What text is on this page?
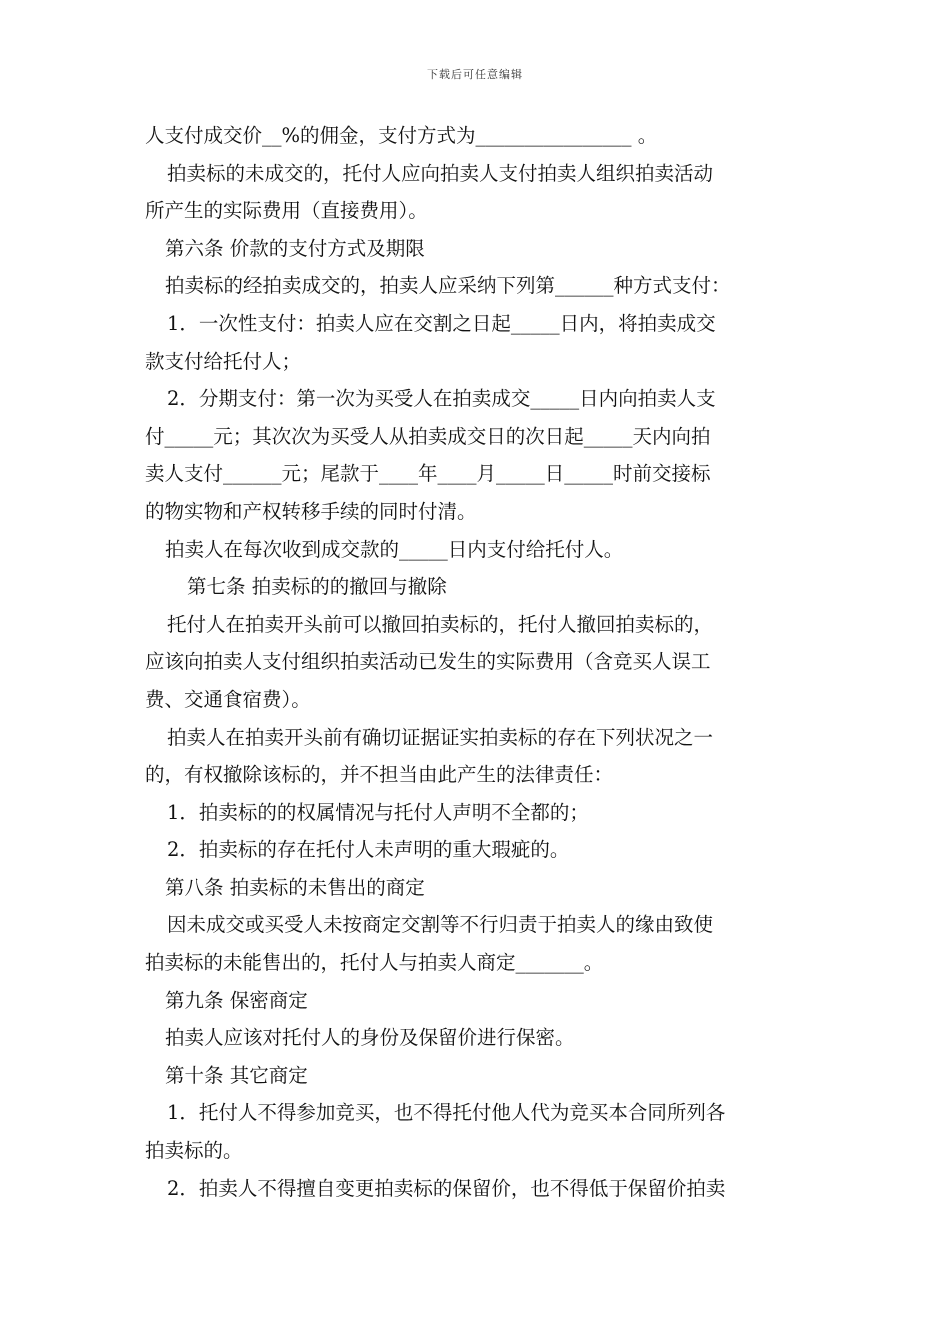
下载后可任意编辑
人支付成交价__%的佣金，支付方式为________________ 。
拍卖标的未成交的，托付人应向拍卖人支付拍卖人组织拍卖活动
所产生的实际费用（直接费用）。
第六条 价款的支付方式及期限
拍卖标的经拍卖成交的，拍卖人应采纳下列第______种方式支付：
1．一次性支付：拍卖人应在交割之日起_____日内，将拍卖成交
款支付给托付人；
2．分期支付：第一次为买受人在拍卖成交_____日内向拍卖人支
付_____元；其次次为买受人从拍卖成交日的次日起_____天内向拍
卖人支付______元；尾款于____年____月_____日_____时前交接标
的物实物和产权转移手续的同时付清。
拍卖人在每次收到成交款的_____日内支付给托付人。
第七条 拍卖标的的撤回与撤除
托付人在拍卖开头前可以撤回拍卖标的，托付人撤回拍卖标的，
应该向拍卖人支付组织拍卖活动已发生的实际费用（含竞买人误工
费、交通食宿费）。
拍卖人在拍卖开头前有确切证据证实拍卖标的存在下列状况之一
的，有权撤除该标的，并不担当由此产生的法律责任：
1．拍卖标的的权属情况与托付人声明不全都的；
2．拍卖标的存在托付人未声明的重大瑕疵的。
第八条 拍卖标的未售出的商定
因未成交或买受人未按商定交割等不行归责于拍卖人的缘由致使
拍卖标的未能售出的，托付人与拍卖人商定_______。
第九条 保密商定
拍卖人应该对托付人的身份及保留价进行保密。
第十条 其它商定
1．托付人不得参加竞买，也不得托付他人代为竞买本合同所列各
拍卖标的。
2．拍卖人不得擅自变更拍卖标的保留价，也不得低于保留价拍卖
